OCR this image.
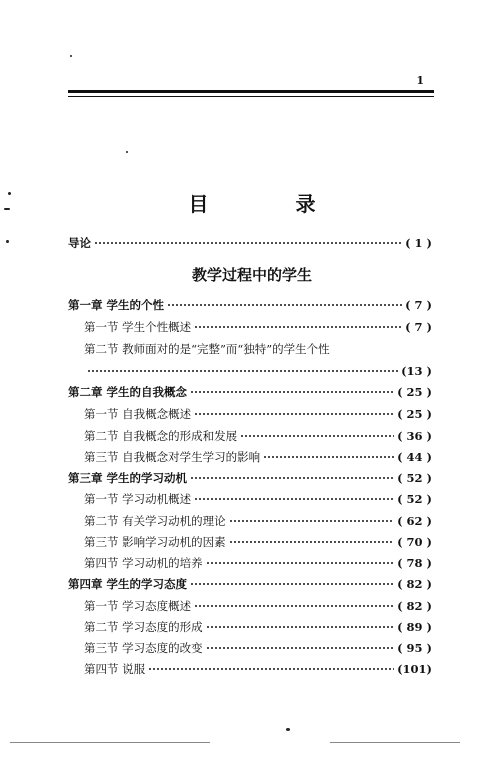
1
目 录
导论	( 1 )
第一章 学生的个性	( 7 )
第一节 学生个性概述	( 7 )
第二节 教师面对的是“完整”而“独特”的学生个性
(13 )
第二章 学生的自我概念	( 25 )
第一节 自我概念概述	( 25 )
第二节 自我概念的形成和发展	( 36 )
第三节 自我概念对学生学习的影响	( 44 )
第三章 学生的学习动机	( 52 )
第一节 学习动机概述	( 52 )
第二节 有关学习动机的理论	( 62 )
第三节 影响学习动机的因素	( 70 )
第四节 学习动机的培养	( 78 )
第四章 学生的学习态度	( 82 )
第一节 学习态度概述	( 82 )
第二节 学习态度的形成	( 89 )
第三节 学习态度的改变	( 95 )
第四节 说服	(101)
教学过程中的学生
